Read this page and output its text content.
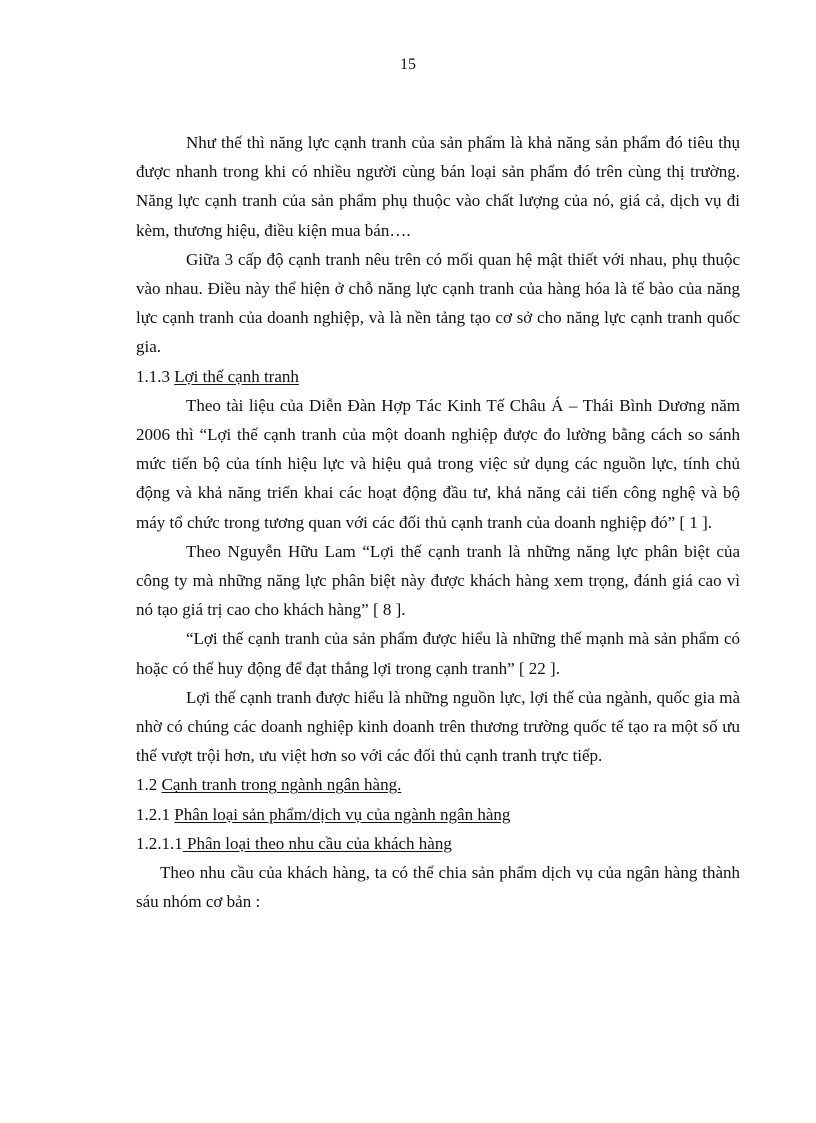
15

Như thế thì năng lực cạnh tranh của sản phẩm là khả năng sản phẩm đó tiêu thụ được nhanh trong khi có nhiều người cùng bán loại sản phẩm đó trên cùng thị trường. Năng lực cạnh tranh của sản phẩm phụ thuộc vào chất lượng của nó, giá cả, dịch vụ đi kèm, thương hiệu, điều kiện mua bán….

Giữa 3 cấp độ cạnh tranh nêu trên có mối quan hệ mật thiết với nhau, phụ thuộc vào nhau. Điều này thể hiện ở chỗ năng lực cạnh tranh của hàng hóa là tế bào của năng lực cạnh tranh của doanh nghiệp, và là nền tảng tạo cơ sở cho năng lực cạnh tranh quốc gia.

1.1.3 Lợi thế cạnh tranh

Theo tài liệu của Diễn Đàn Hợp Tác Kinh Tế Châu Á – Thái Bình Dương năm 2006 thì “Lợi thế cạnh tranh của một doanh nghiệp được đo lường bằng cách so sánh mức tiến bộ của tính hiệu lực và hiệu quả trong việc sử dụng các nguồn lực, tính chủ động và khả năng triển khai các hoạt động đầu tư, khả năng cải tiến công nghệ và bộ máy tổ chức trong tương quan với các đối thủ cạnh tranh của doanh nghiệp đó” [ 1 ].

Theo Nguyễn Hữu Lam “Lợi thế cạnh tranh là những năng lực phân biệt của công ty mà những năng lực phân biệt này được khách hàng xem trọng, đánh giá cao vì nó tạo giá trị cao cho khách hàng” [ 8 ].

“Lợi thế cạnh tranh của sản phẩm được hiểu là những thế mạnh mà sản phẩm có hoặc có thể huy động để đạt thắng lợi trong cạnh tranh” [ 22 ].

Lợi thế cạnh tranh được hiểu là những nguồn lực, lợi thế của ngành, quốc gia mà nhờ có chúng các doanh nghiệp kinh doanh trên thương trường quốc tế tạo ra một số ưu thế vượt trội hơn, ưu việt hơn so với các đối thủ cạnh tranh trực tiếp.

1.2 Cạnh tranh trong ngành ngân hàng.

1.2.1 Phân loại sản phẩm/dịch vụ của ngành ngân hàng

1.2.1.1 Phân loại theo nhu cầu của khách hàng

Theo nhu cầu của khách hàng, ta có thể chia sản phẩm dịch vụ của ngân hàng thành sáu nhóm cơ bản :
